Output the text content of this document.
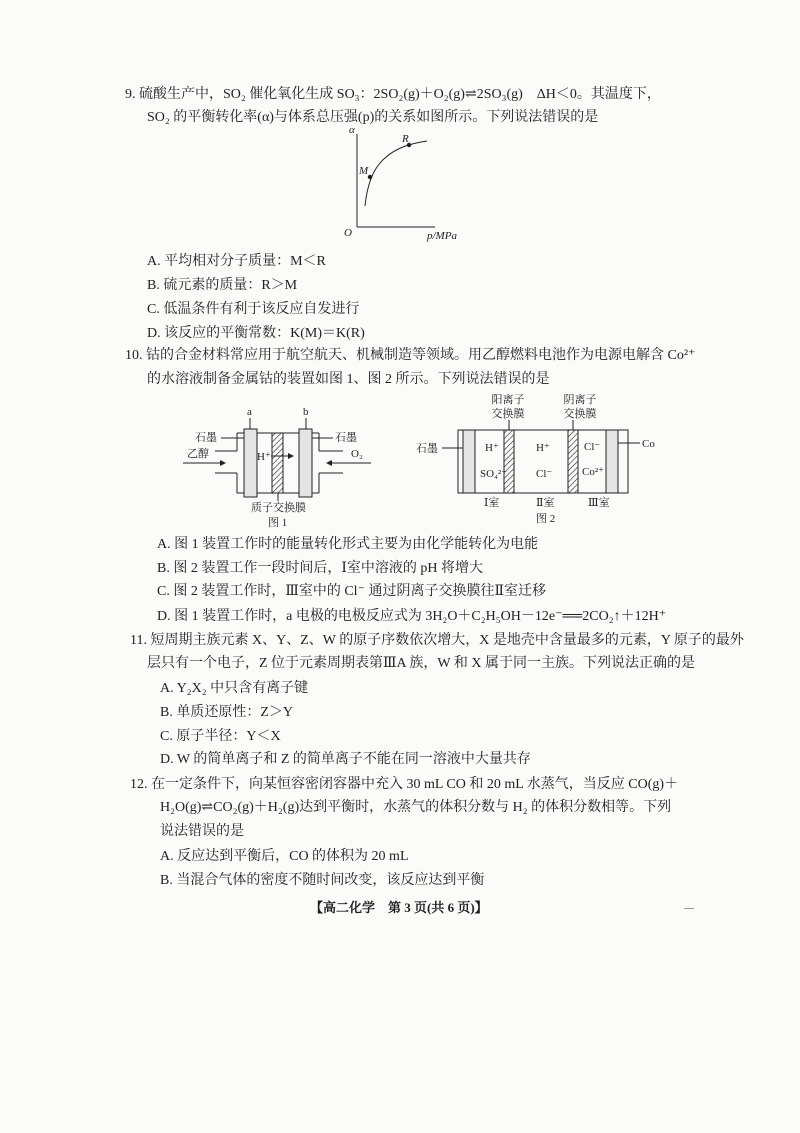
9. 硫酸生产中，SO₂ 催化氧化生成 SO₃：2SO₂(g)＋O₂(g)⇌2SO₃(g)　ΔH＜0。其温度下，
SO₂ 的平衡转化率(α)与体系总压强(p)的关系如图所示。下列说法错误的是
α
O	p/MPa
M
R
A. 平均相对分子质量：M＜R
B. 硫元素的质量：R＞M
C. 低温条件有利于该反应自发进行
D. 该反应的平衡常数：K(M)＝K(R)
10. 钴的合金材料常应用于航空航天、机械制造等领域。用乙醇燃料电池作为电源电解含 Co²⁺
的水溶液制备金属钴的装置如图 1、图 2 所示。下列说法错误的是
a	b
H⁺
乙醇	O₂
石墨	石墨
质子交换膜
图 1
阳离子
交换膜
阴离子
交换膜
石墨	Co
H⁺
SO₄²⁻
H⁺
Cl⁻
Cl⁻
Co²⁺
Ⅰ室	Ⅱ室	Ⅲ室
图 2
A. 图 1 装置工作时的能量转化形式主要为由化学能转化为电能
B. 图 2 装置工作一段时间后，Ⅰ室中溶液的 pH 将增大
C. 图 2 装置工作时，Ⅲ室中的 Cl⁻ 通过阴离子交换膜往Ⅱ室迁移
D. 图 1 装置工作时，a 电极的电极反应式为 3H₂O＋C₂H₅OH－12e⁻══2CO₂↑＋12H⁺
11. 短周期主族元素 X、Y、Z、W 的原子序数依次增大，X 是地壳中含量最多的元素，Y 原子的最外
层只有一个电子，Z 位于元素周期表第ⅢA 族，W 和 X 属于同一主族。下列说法正确的是
A. Y₂X₂ 中只含有离子键
B. 单质还原性：Z＞Y
C. 原子半径：Y＜X
D. W 的简单离子和 Z 的简单离子不能在同一溶液中大量共存
12. 在一定条件下，向某恒容密闭容器中充入 30 mL CO 和 20 mL 水蒸气，当反应 CO(g)＋
H₂O(g)⇌CO₂(g)＋H₂(g)达到平衡时，水蒸气的体积分数与 H₂ 的体积分数相等。下列
说法错误的是
A. 反应达到平衡后，CO 的体积为 20 mL
B. 当混合气体的密度不随时间改变，该反应达到平衡
【高二化学　第 3 页(共 6 页)】
